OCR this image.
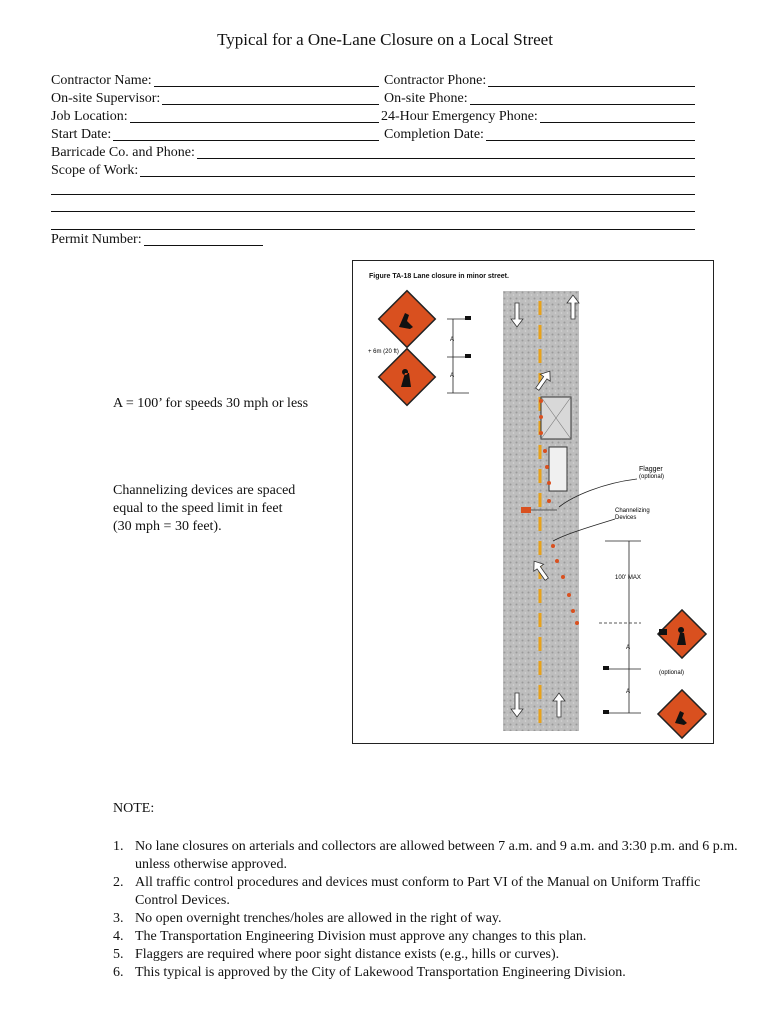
Typical for a One-Lane Closure on a Local Street
Contractor Name:	Contractor Phone:
On-site Supervisor:	On-site Phone:
Job Location:	24-Hour Emergency Phone:
Start Date:	Completion Date:
Barricade Co. and Phone:
Scope of Work:
Permit Number:
Figure TA-18 Lane closure in minor street.
+ 6m (20 ft)
A
A
Flagger
(optional)
Channelizing
Devices
100' MAX
A
A
(optional)
A = 100’ for speeds 30 mph or less
Channelizing devices are spaced
equal to the speed limit in feet
(30 mph = 30 feet).
NOTE:
1. No lane closures on arterials and collectors are allowed between 7 a.m. and 9 a.m. and 3:30 p.m. and 6 p.m. unless otherwise approved.
2. All traffic control procedures and devices must conform to Part VI of the Manual on Uniform Traffic Control Devices.
3. No open overnight trenches/holes are allowed in the right of way.
4. The Transportation Engineering Division must approve any changes to this plan.
5. Flaggers are required where poor sight distance exists (e.g., hills or curves).
6. This typical is approved by the City of Lakewood Transportation Engineering Division.
